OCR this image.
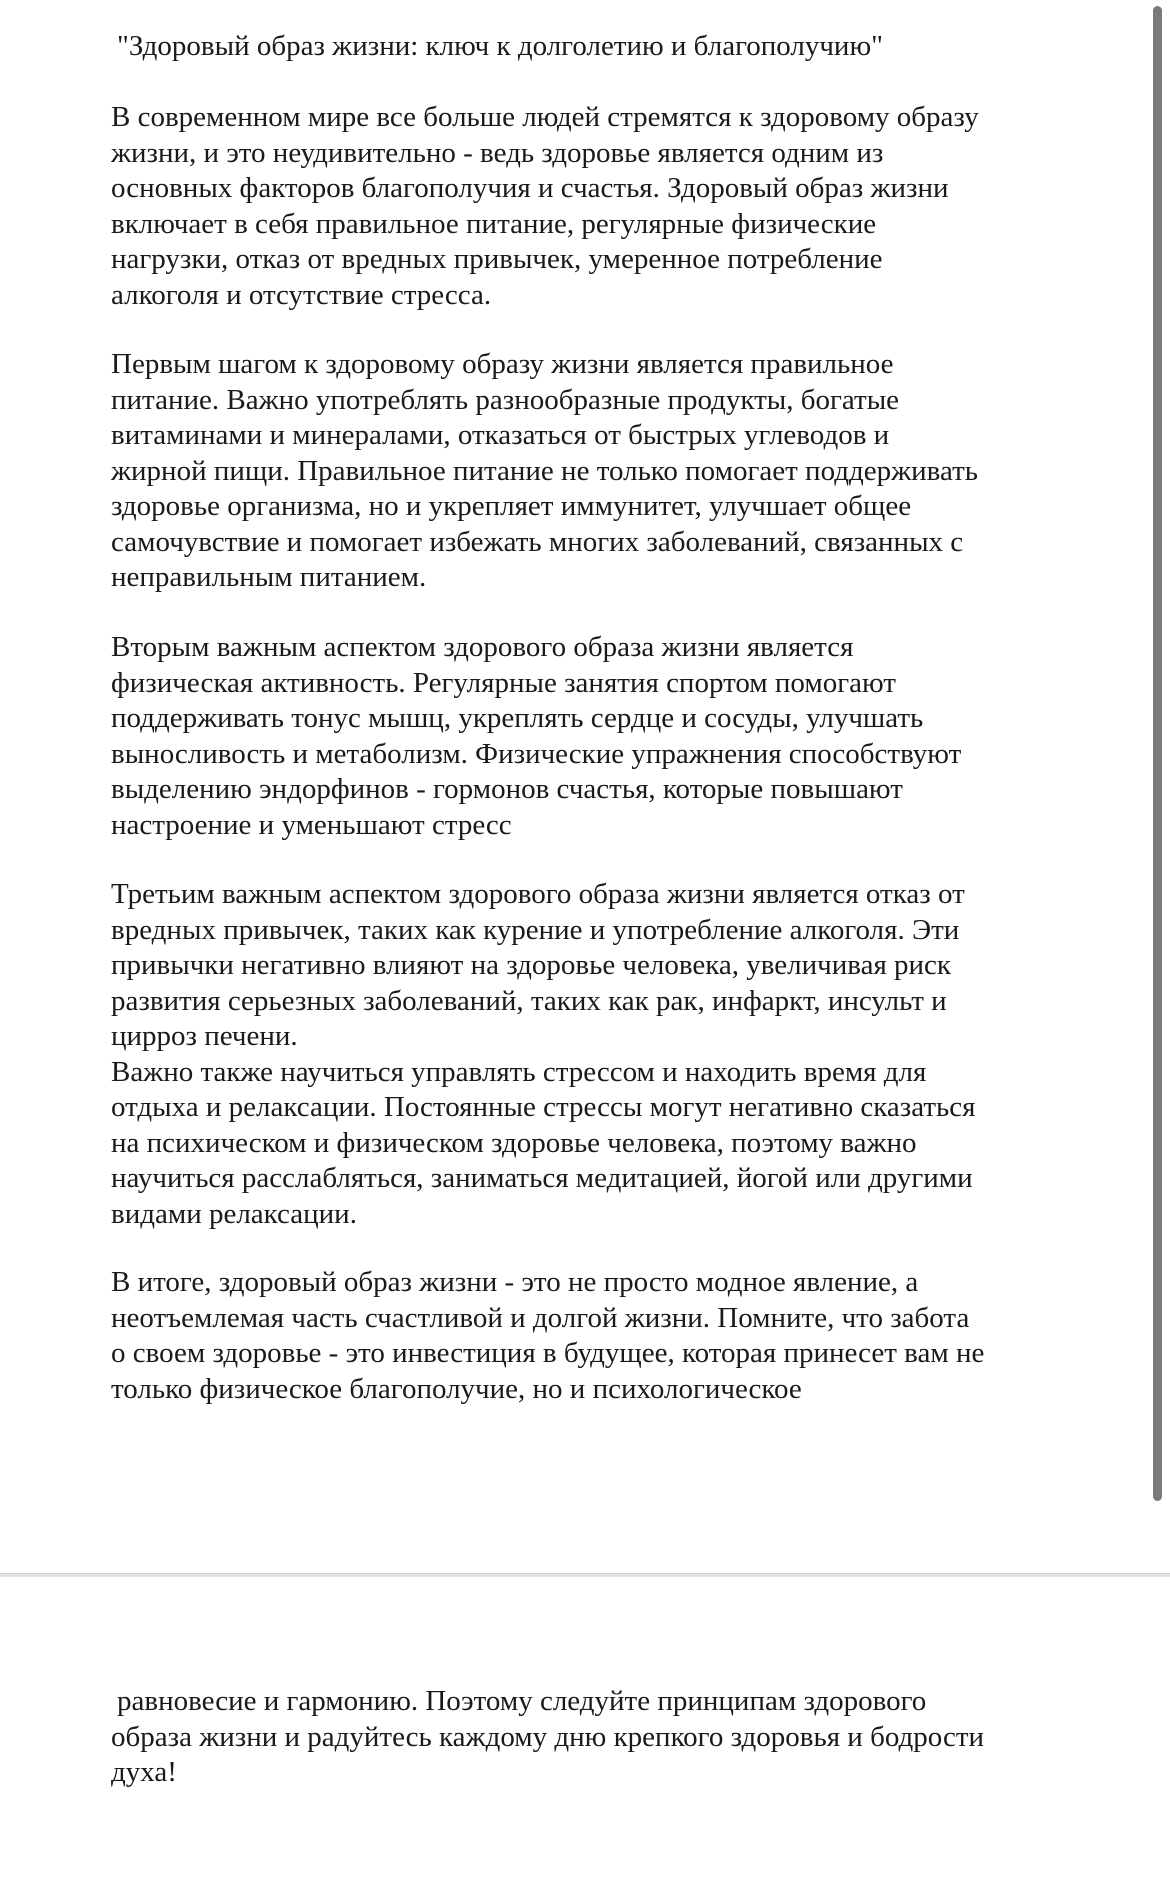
"Здоровый образ жизни: ключ к долголетию и благополучию"

В современном мире все больше людей стремятся к здоровому образу
жизни, и это неудивительно - ведь здоровье является одним из
основных факторов благополучия и счастья. Здоровый образ жизни
включает в себя правильное питание, регулярные физические
нагрузки, отказ от вредных привычек, умеренное потребление
алкоголя и отсутствие стресса.

Первым шагом к здоровому образу жизни является правильное
питание. Важно употреблять разнообразные продукты, богатые
витаминами и минералами, отказаться от быстрых углеводов и
жирной пищи. Правильное питание не только помогает поддерживать
здоровье организма, но и укрепляет иммунитет, улучшает общее
самочувствие и помогает избежать многих заболеваний, связанных с
неправильным питанием.

Вторым важным аспектом здорового образа жизни является
физическая активность. Регулярные занятия спортом помогают
поддерживать тонус мышц, укреплять сердце и сосуды, улучшать
выносливость и метаболизм. Физические упражнения способствуют
выделению эндорфинов - гормонов счастья, которые повышают
настроение и уменьшают стресс

Третьим важным аспектом здорового образа жизни является отказ от
вредных привычек, таких как курение и употребление алкоголя. Эти
привычки негативно влияют на здоровье человека, увеличивая риск
развития серьезных заболеваний, таких как рак, инфаркт, инсульт и
цирроз печени.
Важно также научиться управлять стрессом и находить время для
отдыха и релаксации. Постоянные стрессы могут негативно сказаться
на психическом и физическом здоровье человека, поэтому важно
научиться расслабляться, заниматься медитацией, йогой или другими
видами релаксации.

В итоге, здоровый образ жизни - это не просто модное явление, а
неотъемлемая часть счастливой и долгой жизни. Помните, что забота
о своем здоровье - это инвестиция в будущее, которая принесет вам не
только физическое благополучие, но и психологическое

равновесие и гармонию. Поэтому следуйте принципам здорового

образа жизни и радуйтесь каждому дню крепкого здоровья и бодрости
духа!
